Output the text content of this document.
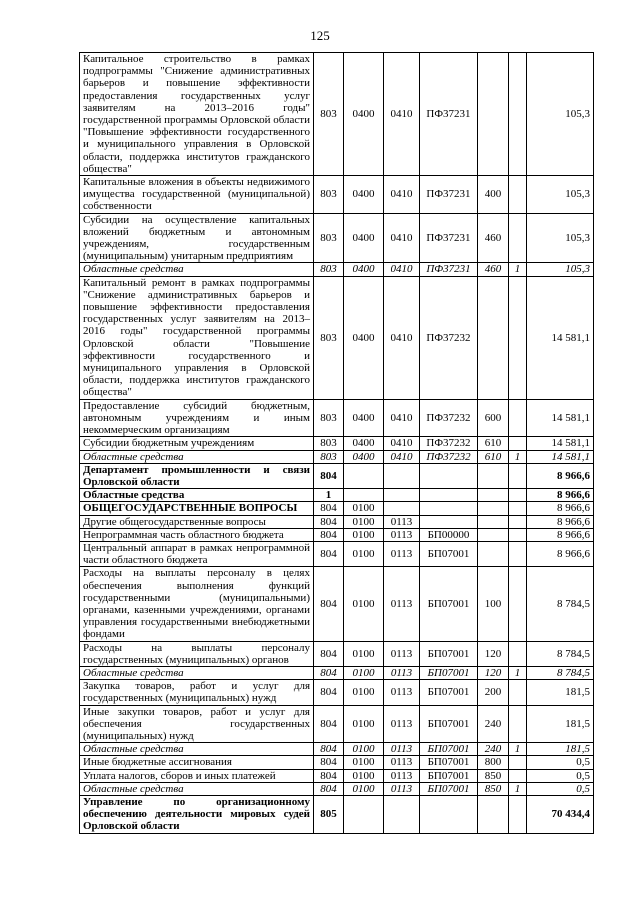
125
Капитальное строительство в рамках подпрограммы "Снижение административных барьеров и повышение эффективности предоставления государственных услуг заявителям на 2013–2016 годы" государственной программы Орловской области "Повышение эффективности государственного и муниципального управления в Орловской области, поддержка институтов гражданского общества"	803	0400	0410	ПФ37231			105,3
Капитальные вложения в объекты недвижимого имущества государственной (муниципальной) собственности	803	0400	0410	ПФ37231	400		105,3
Субсидии на осуществление капитальных вложений бюджетным и автономным учреждениям, государственным (муниципальным) унитарным предприятиям	803	0400	0410	ПФ37231	460		105,3
Областные средства	803	0400	0410	ПФ37231	460	1	105,3
Капитальный ремонт в рамках подпрограммы "Снижение административных барьеров и повышение эффективности предоставления государственных услуг заявителям на 2013–2016 годы" государственной программы Орловской области "Повышение эффективности государственного и муниципального управления в Орловской области, поддержка институтов гражданского общества"	803	0400	0410	ПФ37232			14 581,1
Предоставление субсидий бюджетным, автономным учреждениям и иным некоммерческим организациям	803	0400	0410	ПФ37232	600		14 581,1
Субсидии бюджетным учреждениям	803	0400	0410	ПФ37232	610		14 581,1
Областные средства	803	0400	0410	ПФ37232	610	1	14 581,1
Департамент промышленности и связи Орловской области	804						8 966,6
Областные средства	1						8 966,6
ОБЩЕГОСУДАРСТВЕННЫЕ ВОПРОСЫ	804	0100					8 966,6
Другие общегосударственные вопросы	804	0100	0113				8 966,6
Непрограммная часть областного бюджета	804	0100	0113	БП00000			8 966,6
Центральный аппарат в рамках непрограммной части областного бюджета	804	0100	0113	БП07001			8 966,6
Расходы на выплаты персоналу в целях обеспечения выполнения функций государственными (муниципальными) органами, казенными учреждениями, органами управления государственными внебюджетными фондами	804	0100	0113	БП07001	100		8 784,5
Расходы на выплаты персоналу государственных (муниципальных) органов	804	0100	0113	БП07001	120		8 784,5
Областные средства	804	0100	0113	БП07001	120	1	8 784,5
Закупка товаров, работ и услуг для государственных (муниципальных) нужд	804	0100	0113	БП07001	200		181,5
Иные закупки товаров, работ и услуг для обеспечения государственных (муниципальных) нужд	804	0100	0113	БП07001	240		181,5
Областные средства	804	0100	0113	БП07001	240	1	181,5
Иные бюджетные ассигнования	804	0100	0113	БП07001	800		0,5
Уплата налогов, сборов и иных платежей	804	0100	0113	БП07001	850		0,5
Областные средства	804	0100	0113	БП07001	850	1	0,5
Управление по организационному обеспечению деятельности мировых судей Орловской области	805						70 434,4
